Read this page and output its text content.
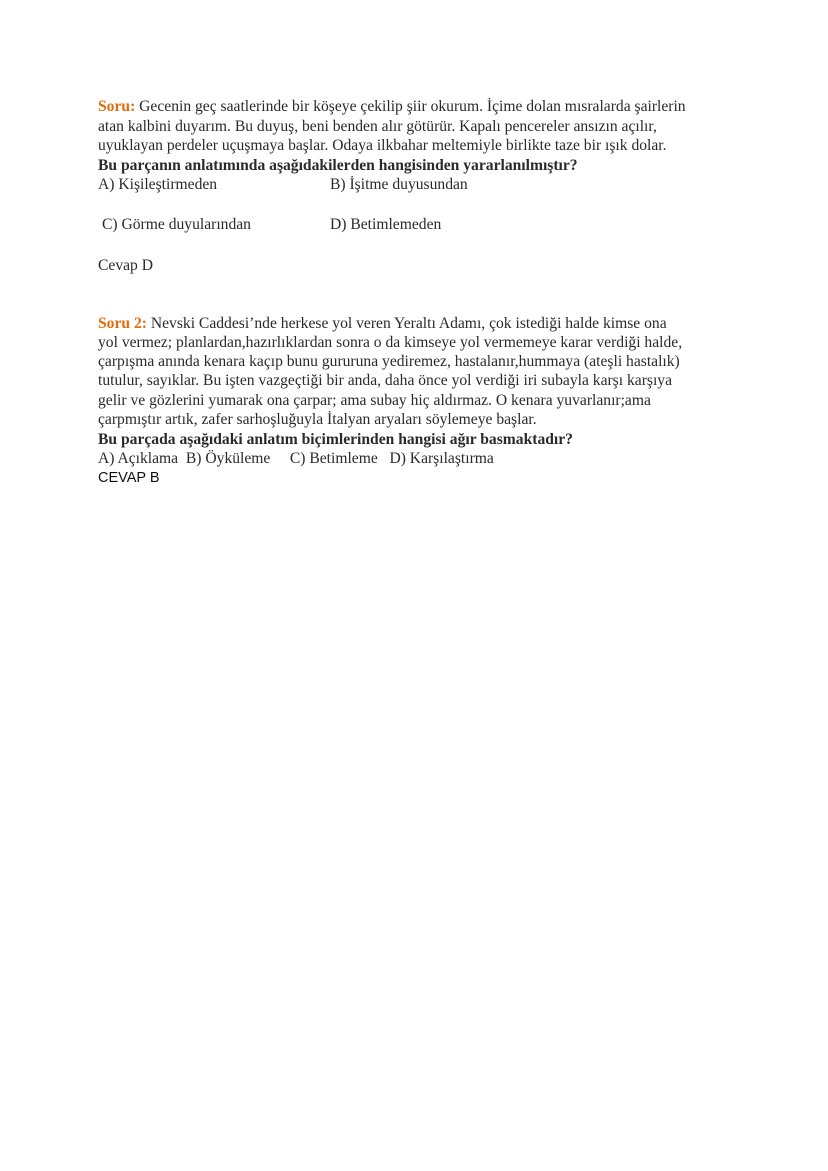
Soru: Gecenin geç saatlerinde bir köşeye çekilip şiir okurum. İçime dolan mısralarda şairlerin
atan kalbini duyarım. Bu duyuş, beni benden alır götürür. Kapalı pencereler ansızın açılır,
uyuklayan perdeler uçuşmaya başlar. Odaya ilkbahar meltemiyle birlikte taze bir ışık dolar.
Bu parçanın anlatımında aşağıdakilerden hangisinden yararlanılmıştır?
A) Kişileştirmeden	B) İşitme duyusundan
C) Görme duyularından	D) Betimlemeden
Cevap D
Soru 2: Nevski Caddesi’nde herkese yol veren Yeraltı Adamı, çok istediği halde kimse ona
yol vermez; planlardan,hazırlıklardan sonra o da kimseye yol vermemeye karar verdiği halde,
çarpışma anında kenara kaçıp bunu gururuna yediremez, hastalanır,hummaya (ateşli hastalık)
tutulur, sayıklar. Bu işten vazgeçtiği bir anda, daha önce yol verdiği iri subayla karşı karşıya
gelir ve gözlerini yumarak ona çarpar; ama subay hiç aldırmaz. O kenara yuvarlanır;ama
çarpmıştır artık, zafer sarhoşluğuyla İtalyan aryaları söylemeye başlar.
Bu parçada aşağıdaki anlatım biçimlerinden hangisi ağır basmaktadır?
A) Açıklama  B) Öyküleme     C) Betimleme   D) Karşılaştırma
CEVAP B
